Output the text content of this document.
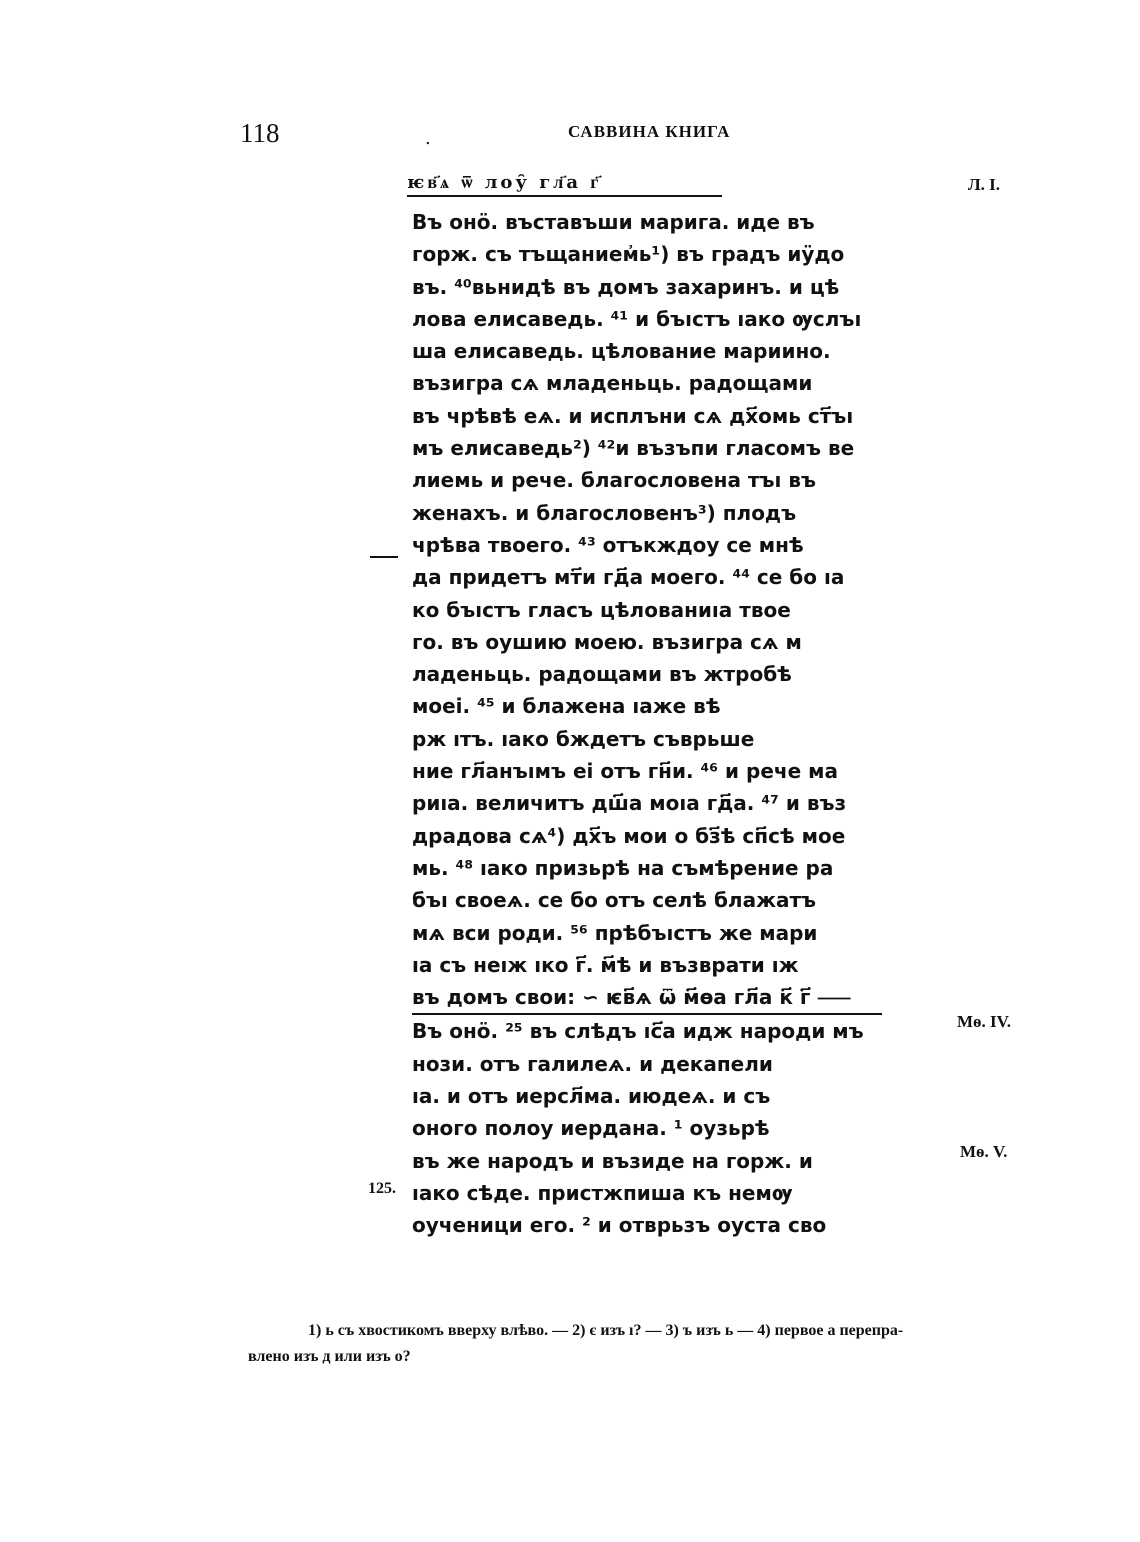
118	.	САВВИНА КНИГА
ѥв҃ѧ ѿ лоу̑ гл҃а г҃	Л. I.
Mѳ. IV.
Mѳ. V.
125.
Въ онӧ. въставъши марига. иде въ
горж. съ тъщанием҆ь¹) въ градъ иӱдо
въ. ⁴⁰вьнидѣ въ домъ захаринъ. и цѣ
лова елисаведь. ⁴¹ и бъıстъ ıако ѹслъı
ша елисаведь. цѣлование мариино.
възигра сѧ младеньць. радощами
въ чрѣвѣ еѧ. и исплъни сѧ дх҃омь ст҃ъı
мъ елисаведь²) ⁴²и възъпи гласомъ ве
лиемь и рече. благословена тъı въ
женахъ. и благословенъ³) плодъ
чрѣва твоего. ⁴³ отъкждоу се мнѣ
да придетъ мт҃и гд҃а моего. ⁴⁴ се бо ıа
ко бъıстъ гласъ цѣлованиıа твое
го. въ оушию моею. възигра сѧ м
ладеньць. радощами въ жтробѣ
моеі. ⁴⁵ и блажена ıаже вѣ
рж ıтъ. ıако бждетъ съврьше
ние гл҃анъıмъ еі отъ гн҃и. ⁴⁶ и рече ма
риıа. величитъ дш҃а моıа гд҃а. ⁴⁷ и въз
драдова сѧ⁴) дх҃ъ мои о бз҃ѣ сп҃сѣ мое
мь. ⁴⁸ ıако призьрѣ на съмѣрение ра
бъı своеѧ. се бо отъ селѣ блажатъ
мѧ вси роди. ⁵⁶ прѣбъıстъ же мари
ıа съ неıж ıко г҃. м҃ѣ и възврати ıж
въ домъ свои: ∽ ѥв҃ѧ ѿ м҃ѳа гл҃а к҃ г҃ ⸺
Въ онӧ. ²⁵ въ слѣдъ ıс҃а идж народи мъ
нози. отъ галилеѧ. и декапели
ıа. и отъ иерсл҃ма. июдеѧ. и съ
оного полоу иердана. ¹ оузьрѣ
въ же народъ и възиде на горж. и
ıако сѣде. пристжпиша къ немѹ
оученици его. ² и отврьзъ оуста сво
1) ь съ хвостикомъ вверху влѣво. — 2) є изъ ı? — 3) ъ изъ ь — 4) первое а перепра-
влено изъ д или изъ о?
